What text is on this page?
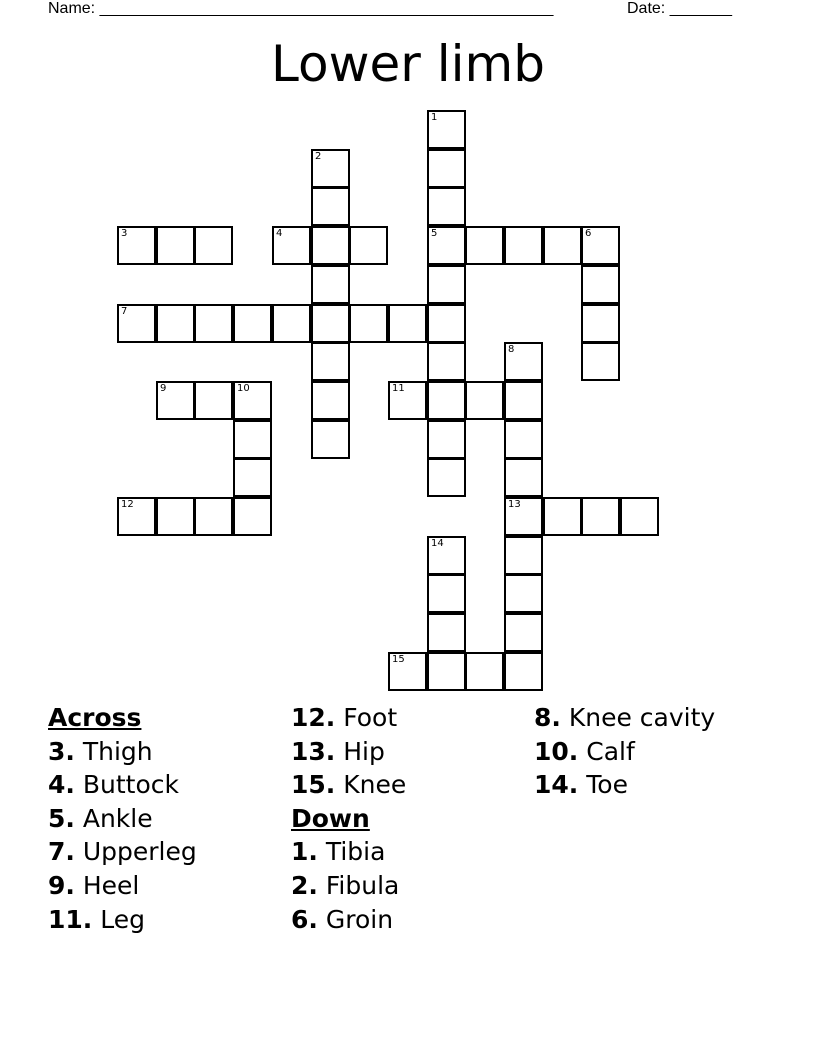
Name: ___________________________________________________	Date: _______
Lower limb
1
2
3	4	5	6
7
8
9	10	11
12	13
14
15
Across
3. Thigh
4. Buttock
5. Ankle
7. Upperleg
9. Heel
11. Leg
12. Foot
13. Hip
15. Knee
Down
1. Tibia
2. Fibula
6. Groin
8. Knee cavity
10. Calf
14. Toe
